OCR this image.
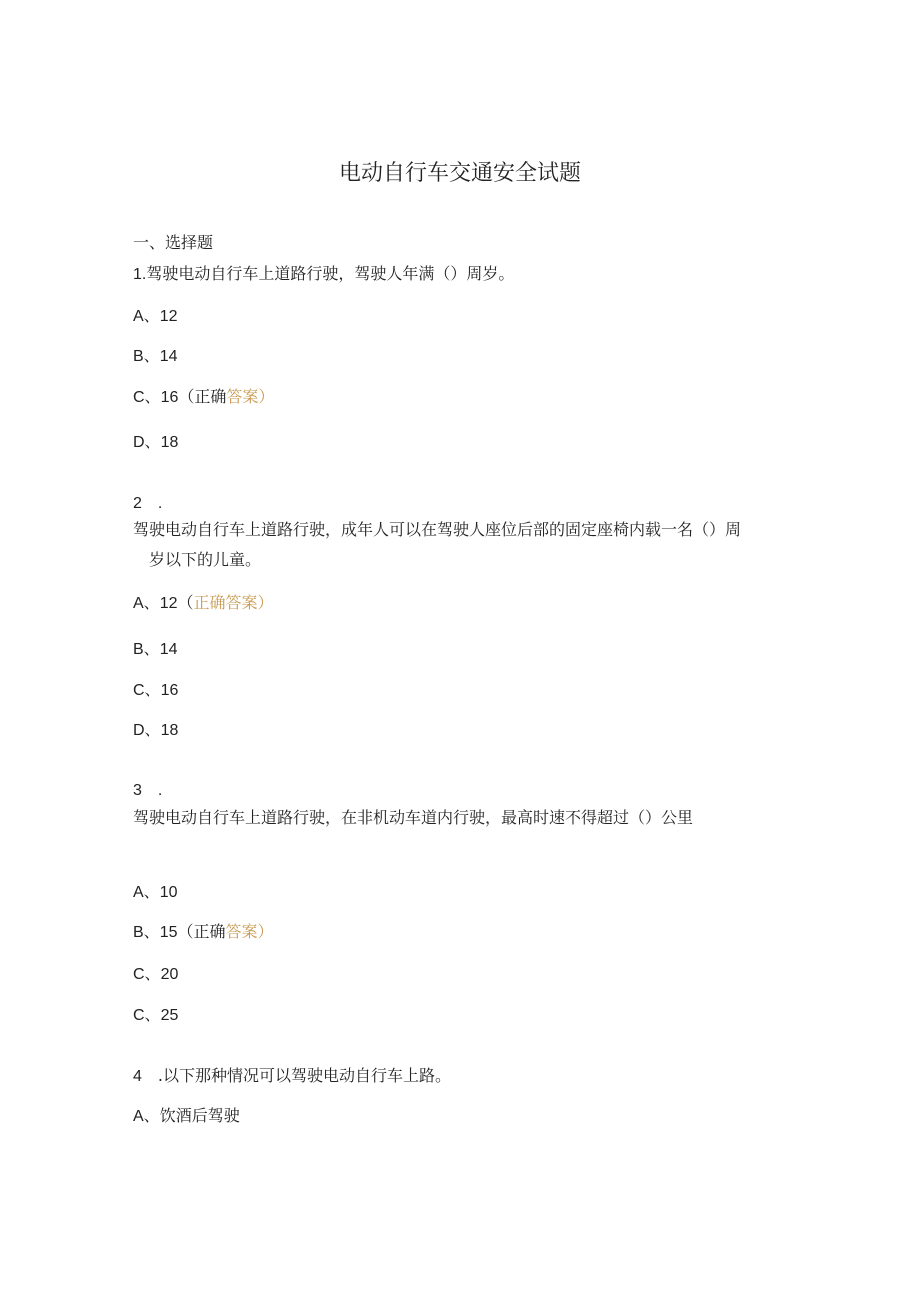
电动自行车交通安全试题
一、选择题
1.驾驶电动自行车上道路行驶，驾驶人年满（）周岁。
A、12
B、14
C、16（正确答案）
D、18
2　.
驾驶电动自行车上道路行驶，成年人可以在驾驶人座位后部的固定座椅内载一名（）周
岁以下的儿童。
A、12（正确答案）
B、14
C、16
D、18
3　.
驾驶电动自行车上道路行驶，在非机动车道内行驶，最高时速不得超过（）公里
A、10
B、15（正确答案）
C、20
C、25
4　.以下那种情况可以驾驶电动自行车上路。
A、饮酒后驾驶
